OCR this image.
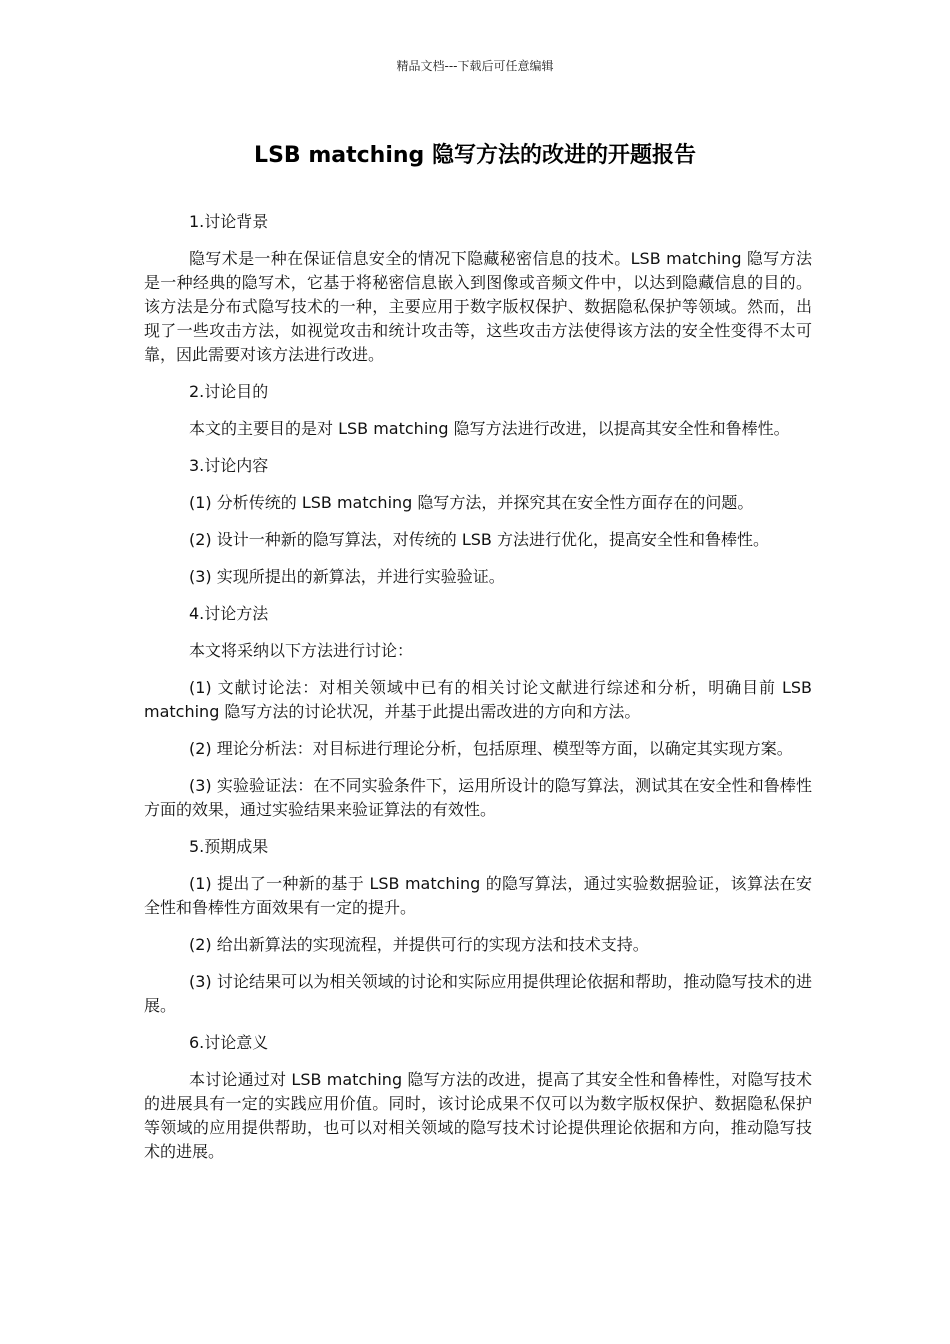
精品文档---下载后可任意编辑
LSB matching 隐写方法的改进的开题报告

1.讨论背景

隐写术是一种在保证信息安全的情况下隐藏秘密信息的技术。LSB matching 隐写方法是一种经典的隐写术，它基于将秘密信息嵌入到图像或音频文件中，以达到隐藏信息的目的。该方法是分布式隐写技术的一种，主要应用于数字版权保护、数据隐私保护等领域。然而，出现了一些攻击方法，如视觉攻击和统计攻击等，这些攻击方法使得该方法的安全性变得不太可靠，因此需要对该方法进行改进。

2.讨论目的

本文的主要目的是对 LSB matching 隐写方法进行改进，以提高其安全性和鲁棒性。

3.讨论内容

(1) 分析传统的 LSB matching 隐写方法，并探究其在安全性方面存在的问题。

(2) 设计一种新的隐写算法，对传统的 LSB 方法进行优化，提高安全性和鲁棒性。

(3) 实现所提出的新算法，并进行实验验证。

4.讨论方法

本文将采纳以下方法进行讨论：

(1) 文献讨论法：对相关领域中已有的相关讨论文献进行综述和分析，明确目前 LSB matching 隐写方法的讨论状况，并基于此提出需改进的方向和方法。

(2) 理论分析法：对目标进行理论分析，包括原理、模型等方面，以确定其实现方案。

(3) 实验验证法：在不同实验条件下，运用所设计的隐写算法，测试其在安全性和鲁棒性方面的效果，通过实验结果来验证算法的有效性。

5.预期成果

(1) 提出了一种新的基于 LSB matching 的隐写算法，通过实验数据验证，该算法在安全性和鲁棒性方面效果有一定的提升。

(2) 给出新算法的实现流程，并提供可行的实现方法和技术支持。

(3) 讨论结果可以为相关领域的讨论和实际应用提供理论依据和帮助，推动隐写技术的进展。

6.讨论意义

本讨论通过对 LSB matching 隐写方法的改进，提高了其安全性和鲁棒性，对隐写技术的进展具有一定的实践应用价值。同时，该讨论成果不仅可以为数字版权保护、数据隐私保护等领域的应用提供帮助，也可以对相关领域的隐写技术讨论提供理论依据和方向，推动隐写技术的进展。
